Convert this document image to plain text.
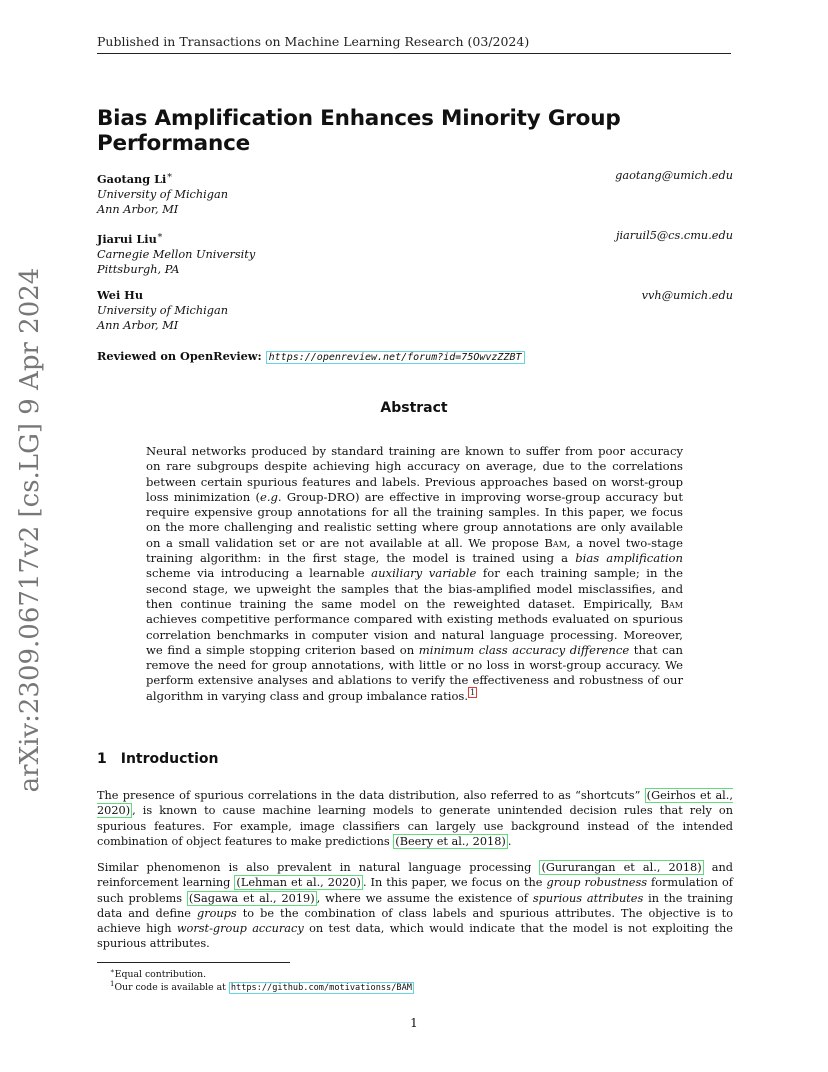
Published in Transactions on Machine Learning Research (03/2024)
Bias Amplification Enhances Minority Group Performance
Gaotang Li∗	gaotang@umich.edu
University of Michigan
Ann Arbor, MI
Jiarui Liu∗	jiaruil5@cs.cmu.edu
Carnegie Mellon University
Pittsburgh, PA
Wei Hu	vvh@umich.edu
University of Michigan
Ann Arbor, MI
Reviewed on OpenReview: https://openreview.net/forum?id=75OwvzZZBT
Abstract

Neural networks produced by standard training are known to suffer from poor accuracy on rare subgroups despite achieving high accuracy on average, due to the correlations between certain spurious features and labels. Previous approaches based on worst-group loss minimization (e.g. Group-DRO) are effective in improving worse-group accuracy but require expensive group annotations for all the training samples. In this paper, we focus on the more challenging and realistic setting where group annotations are only available on a small validation set or are not available at all. We propose Bam, a novel two-stage training algorithm: in the first stage, the model is trained using a bias amplification scheme via introducing a learnable auxiliary variable for each training sample; in the second stage, we upweight the samples that the bias-amplified model misclassifies, and then continue training the same model on the reweighted dataset. Empirically, Bam achieves competitive performance compared with existing methods evaluated on spurious correlation benchmarks in computer vision and natural language processing. Moreover, we find a simple stopping criterion based on minimum class accuracy difference that can remove the need for group annotations, with little or no loss in worst-group accuracy. We perform extensive analyses and ablations to verify the effectiveness and robustness of our algorithm in varying class and group imbalance ratios. $^1$

arXiv:2309.06717v2 [cs.LG] 9 Apr 2024	1 Introduction

The presence of spurious correlations in the data distribution, also referred to as “shortcuts” (Geirhos et al., 2020) , is known to cause machine learning models to generate unintended decision rules that rely on spurious features. For example, image classifiers can largely use background instead of the intended combination of object features to make predictions (Beery et al., 2018) .

Similar phenomenon is also prevalent in natural language processing (Gururangan et al., 2018) and reinforcement learning (Lehman et al., 2020) . In this paper, we focus on the group robustness formulation of such problems (Sagawa et al., 2019) , where we assume the existence of spurious attributes in the training data and define groups to be the combination of class labels and spurious attributes. The objective is to achieve high worst-group accuracy on test data, which would indicate that the model is not exploiting the spurious attributes.

∗Equal contribution.
$^1$Our code is available at https://github.com/motivationss/BAM
1
